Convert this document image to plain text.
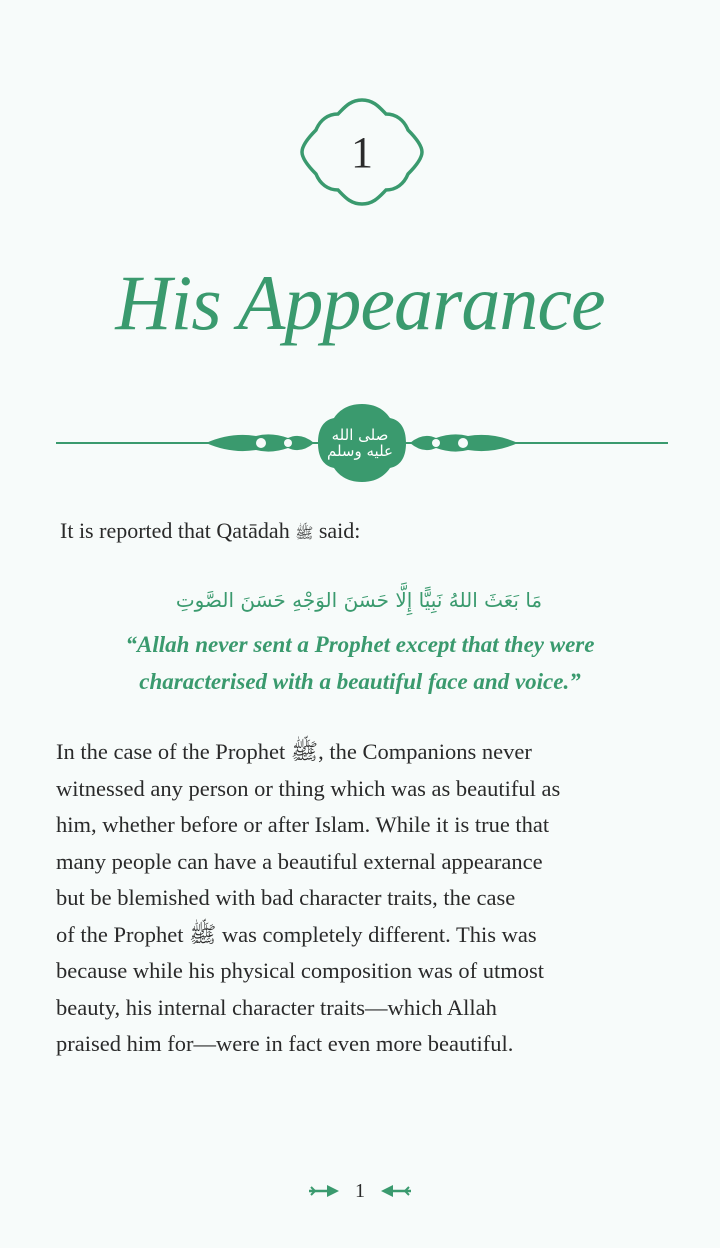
1
His Appearance
صلى الله عليه وسلم

It is reported that Qatādah ﷺ said:

مَا بَعَثَ اللهُ نَبِيًّا إِلَّا حَسَنَ الوَجْهِ حَسَنَ الصَّوتِ

“Allah never sent a Prophet except that they were
characterised with a beautiful face and voice.”

In the case of the Prophet ﷺ, the Companions never
witnessed any person or thing which was as beautiful as
him, whether before or after Islam. While it is true that
many people can have a beautiful external appearance
but be blemished with bad character traits, the case
of the Prophet ﷺ was completely different. This was
because while his physical composition was of utmost
beauty, his internal character traits—which Allah
praised him for—were in fact even more beautiful.

1
